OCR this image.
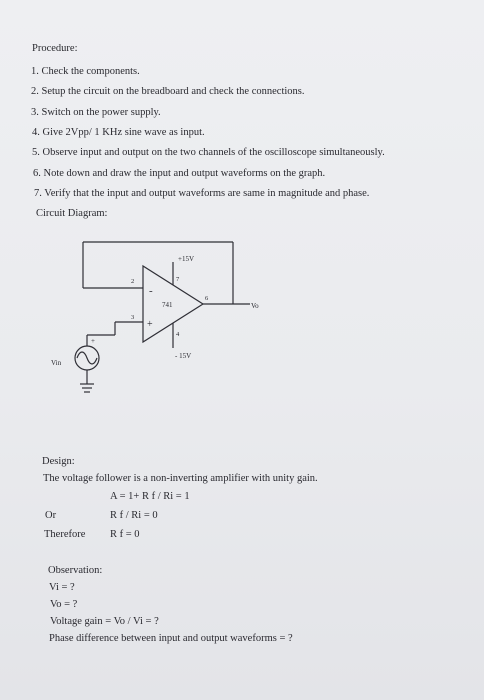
Procedure:
1. Check the components.
2. Setup the circuit on the breadboard and check the connections.
3. Switch on the power supply.
4. Give 2Vpp/ 1 KHz sine wave as input.
5. Observe input and output on the two channels of the oscilloscope simultaneously.
6. Note down and draw the input and output waveforms on the graph.
7. Verify that the input and output waveforms are same in magnitude and phase.
Circuit Diagram:
+15V
7
2
-
741
6
Vo
3
+
4
- 15V
+
Vin
Design:
The voltage follower is a non-inverting amplifier with unity gain.
A = 1+ R f / Ri = 1
Or	R f / Ri = 0
Therefore R f = 0
Observation:
Vi = ?
Vo = ?
Voltage gain = Vo / Vi = ?
Phase difference between input and output waveforms = ?
